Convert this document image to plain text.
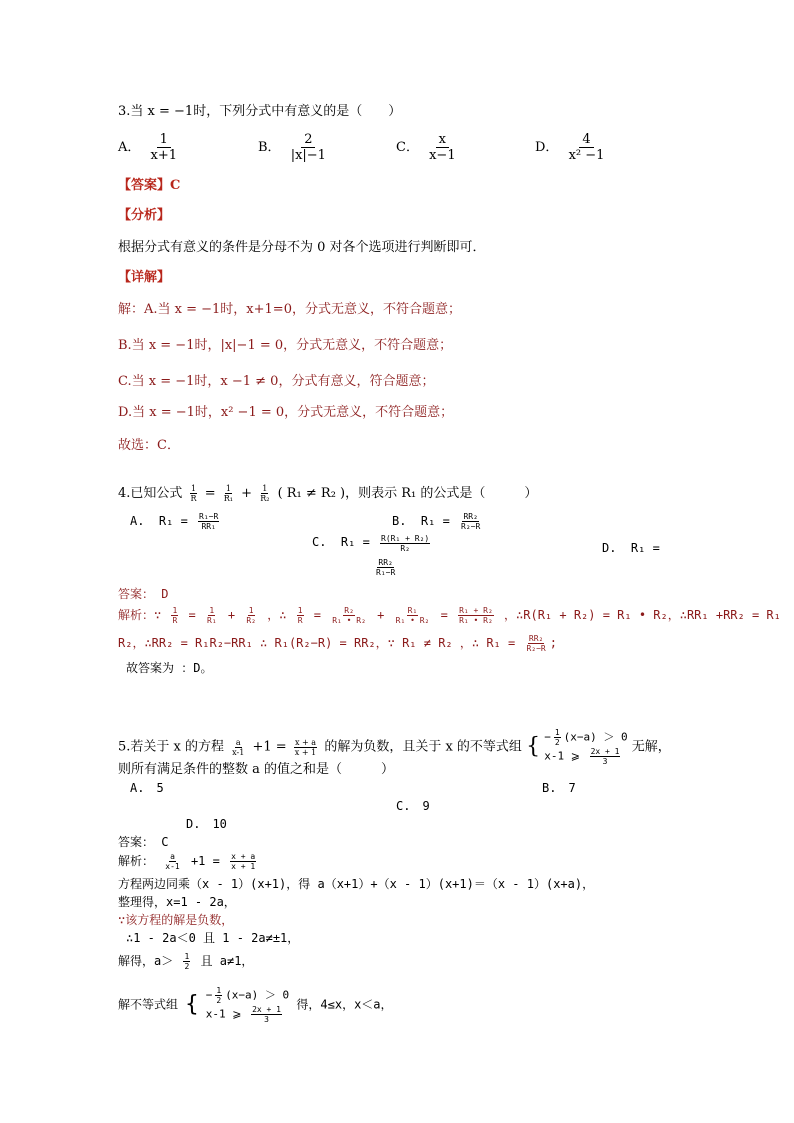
3.当 x = −1时，下列分式中有意义的是（　　）
A． $\frac{1}{x+1}$	B． $\frac{2}{|x|-1}$	C． $\frac{x}{x-1}$	D． $\frac{4}{\text{x² −1}}$
【答案】C
【分析】
根据分式有意义的条件是分母不为 0 对各个选项进行判断即可．
【详解】
解：A.当 x = −1时，x+1=0，分式无意义，不符合题意；
B.当 x = −1时，|x|−1 = 0，分式无意义，不符合题意；
C.当 x = −1时，x −1 ≠ 0，分式有意义，符合题意；
D.当 x = −1时，x² −1 = 0，分式无意义，不符合题意；
故选：C．
4.已知公式 $\frac{1}{R} = \frac{1}{\text{R₁}} + \frac{1}{\text{R₂}}$ ( R₁ ≠ R₂ )，则表示 R₁ 的公式是（　　　）
A. $R_1 = \frac{\text{R₁−R}}{\text{RR₁}}$	B. $R_1 = \frac{\text{RR₂}}{\text{R₂−R}}$
C. $R_1 = \frac{\text{R(R₁ + R₂)}}{\text{R₂}}$
$\frac{\text{RR₂}}{\text{R₁−R}}$
D. R₁ =
答案： D
解析：∵ $\frac{1}{R} = \frac{1}{\text{R₁}} + \frac{1}{\text{R₂}}$ ，∴ $\frac{1}{R} = \frac{\text{R₂}}{\text{R₁ • R₂}} + \frac{\text{R₁}}{\text{R₁ • R₂}} = \frac{\text{R₁ + R₂}}{\text{R₁ • R₂}}$ ，∴R(R₁ + R₂) = R₁ • R₂，∴RR₁ +RR₂ = R₁
R₂，∴RR₂ = R₁R₂−RR₁ ∴ R₁(R₂−R) = RR₂，∵ R₁ ≠ R₂ ，∴ $R_1 = \frac{\text{RR₂}}{\text{R₂−R}}$ ;
故答案为 ：D。
5.若关于 x 的方程 $\frac{a}{x-1} +1 = \frac{x + a}{x + 1}$ 的解为负数，且关于 x 的不等式组 { − $\frac{1}{2} (x-a) > 0$
x-1 ⩾ $\frac{2x + 1}{3}$ 无解，
则所有满足条件的整数 a 的值之和是（　　　）
A.　5	B.　7
C.　9
D.　10
答案： C
解析： $\frac{a}{x-1} +1 = \frac{x + a}{x + 1}$
方程两边同乘（x - 1）(x+1)，得 a（x+1）+（x - 1）(x+1)＝（x - 1）(x+a)，
整理得，x=1 - 2a，
∵该方程的解是负数，
∴1 - 2a＜0 且 1 - 2a≠±1，
解得，$a> \frac{1}{2}$ 且 a≠1，
解不等式组 { − $\frac{1}{2} (x-a) > 0$
x-1 ⩾ $\frac{2x + 1}{3}$
得，4≤x，x＜a，
